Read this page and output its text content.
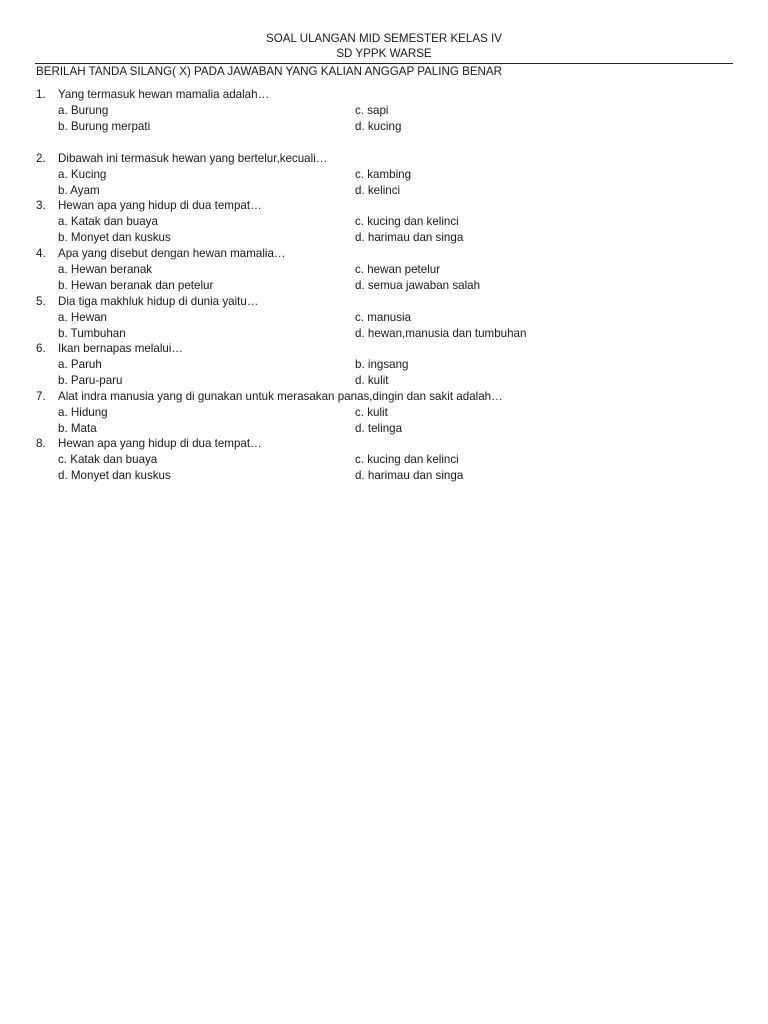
SOAL ULANGAN MID SEMESTER KELAS IV
SD YPPK WARSE
BERILAH TANDA SILANG( X) PADA JAWABAN YANG KALIAN ANGGAP PALING BENAR
1. Yang termasuk hewan mamalia adalah…
a. Burung	c. sapi
b. Burung merpati	d. kucing
2. Dibawah ini termasuk hewan yang bertelur,kecuali…
a. Kucing	c. kambing
b. Ayam	d. kelinci
3. Hewan apa yang hidup di dua tempat…
a. Katak dan buaya	c. kucing dan kelinci
b. Monyet dan kuskus	d. harimau dan singa
4. Apa yang disebut dengan hewan mamalia…
a. Hewan beranak	c. hewan petelur
b. Hewan beranak dan petelur	d. semua jawaban salah
5. Dia tiga makhluk hidup di dunia yaitu…
a. Hewan	c. manusia
b. Tumbuhan	d. hewan,manusia dan tumbuhan
6. Ikan bernapas melalui…
a. Paruh	b. ingsang
b. Paru-paru	d. kulit
7. Alat indra manusia yang di gunakan untuk merasakan panas,dingin dan sakit adalah…
a. Hidung	c. kulit
b. Mata	d. telinga
8. Hewan apa yang hidup di dua tempat…
c. Katak dan buaya	c. kucing dan kelinci
d. Monyet dan kuskus	d. harimau dan singa
